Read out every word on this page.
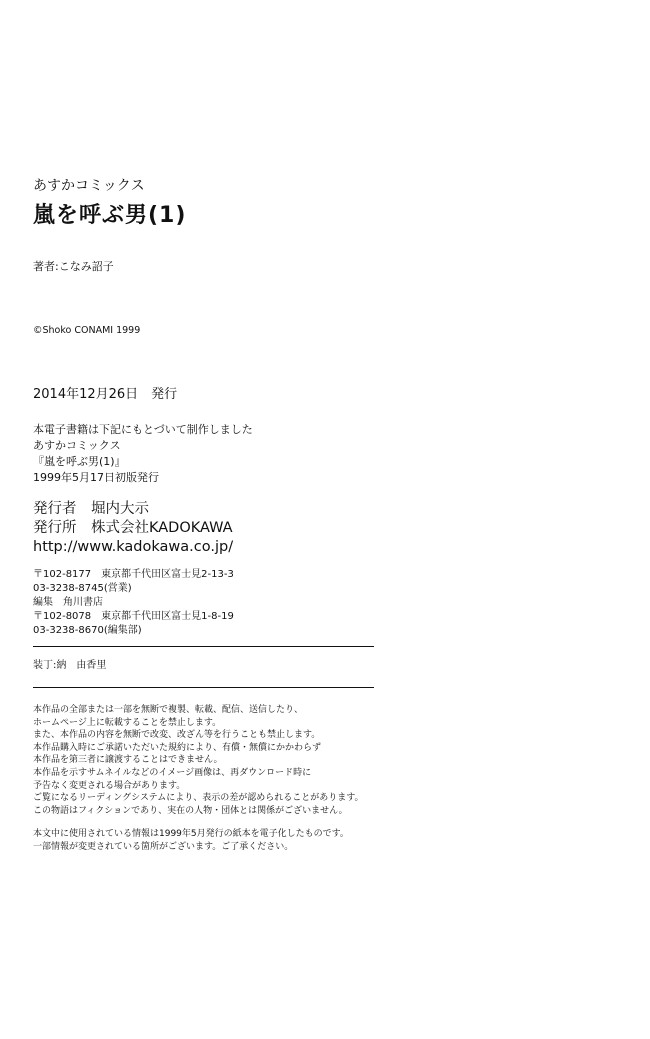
あすかコミックス
嵐を呼ぶ男(1)
著者:こなみ詔子
©Shoko CONAMI 1999
2014年12月26日　発行
本電子書籍は下記にもとづいて制作しました
あすかコミックス
『嵐を呼ぶ男(1)』
1999年5月17日初版発行
発行者　堀内大示
発行所　株式会社KADOKAWA
http://www.kadokawa.co.jp/
〒102-8177　東京都千代田区富士見2-13-3
03-3238-8745(営業)
編集　角川書店
〒102-8078　東京都千代田区富士見1-8-19
03-3238-8670(編集部)
装丁:納　由香里
本作品の全部または一部を無断で複製、転載、配信、送信したり、
ホームページ上に転載することを禁止します。
また、本作品の内容を無断で改変、改ざん等を行うことも禁止します。
本作品購入時にご承諾いただいた規約により、有償・無償にかかわらず
本作品を第三者に譲渡することはできません。
本作品を示すサムネイルなどのイメージ画像は、再ダウンロード時に
予告なく変更される場合があります。
ご覧になるリーディングシステムにより、表示の差が認められることがあります。
この物語はフィクションであり、実在の人物・団体とは関係がございません。
本文中に使用されている情報は1999年5月発行の紙本を電子化したものです。
一部情報が変更されている箇所がございます。ご了承ください。
